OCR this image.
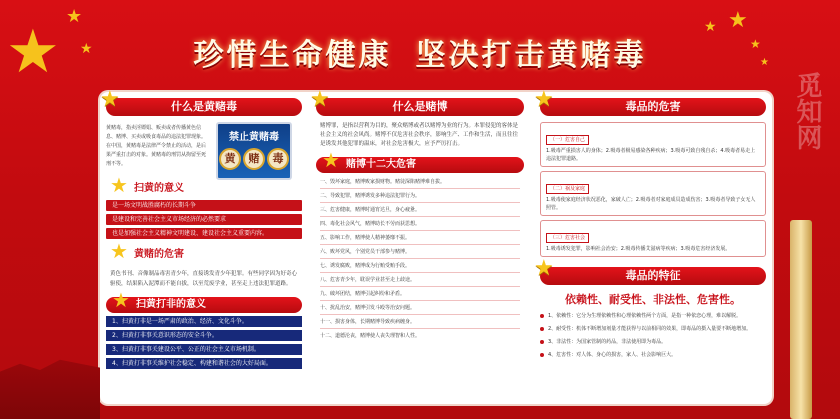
★
★
★
★ ★
★
★
觅知网
珍惜生命健康 坚决打击黄赌毒
★	什么是黄赌毒
黄赌毒，指卖淫嫖娼、贩卖或者传播黄色信息、赌博、买卖或吸食毒品的违法犯罪现象。在中国，黄赌毒是法律严令禁止的活动，是后果严重打击的对象。黄赌毒的刑罚从拘留至死刑不等。
禁止黄赌毒
黄	赌	毒
★ 扫黄的意义
是一场文明战胜腐朽的长期斗争
是建设和完善社会主义市场经济的必然要求
也是加强社会主义精神文明建设、建设社会主义重要内容。
★ 黄赌的危害
黄色书刊、音像制品毒害青少年，直接诱发青少年犯罪。有些同学因为好奇心驱使，结果陷入泥潭而不能自拔，以至荒废学业，甚至走上违法犯罪道路。
★ 扫黄打非的意义
1、扫黄打非是一场严肃的政治、经济、文化斗争。
2、扫黄打非事关意识形态的安全斗争。
3、扫黄打非事关建设公平、公正的社会主义市场机制。
4、扫黄打非事关维护社会稳定、构建和谐社会的大好局面。
★	什么是赌博
赌博罪，是指以营利为目的，聚众赌博或者以赌博为业的行为。本罪侵犯的客体是社会主义的社会风尚。赌博不仅危害社会秩序，影响生产、工作和生活，而且往往是诱发其他犯罪的温床，对社会危害极大，应予严厉打击。
★ 赌博十二大危害
一、毁坏家庭，赌博败家损财物。赌徒深陷赌博难自拔。
二、导致犯罪，赌博诱发多种违法犯罪行为。
三、危害健康，赌博时通宵达旦，身心疲惫。
四、毒化社会风气，赌博助长不劳而获思想。
五、影响工作，赌博使人精神萎靡不振。
六、败坏党风，个别党员干部参与赌博。
七、诱发腐败，赌博成为行贿受贿手段。
八、危害青少年，耽误学业甚至走上歧途。
九、破坏团结，赌博引起纠纷和矛盾。
十、扰乱治安，赌博引发斗殴等治安问题。
十一、损害身体，长期赌博导致疾病缠身。
十二、道德沦丧，赌博使人丧失理智和人性。
★	毒品的危害
（一）危害自己
1.吸毒严重损害人的身体；2.吸毒者极易感染各种疾病；3.吸毒可致自残自杀；4.吸毒者易走上违法犯罪道路。
（二）祸及家庭
1.吸毒使家庭经济状况恶化，家破人亡；2.吸毒者对家庭成员造成伤害；3.吸毒者导致子女无人照管。
（三）危害社会
1.吸毒诱发犯罪，影响社会治安；2.吸毒传播艾滋病等疾病；3.吸毒危害经济发展。
★	毒品的特征
依赖性、耐受性、非法性、危害性。
1、依赖性：它分为生理依赖性和心理依赖性两个方面，是指一种依恋心理，难以解脱。
2、耐受性：机体不断增加剂量才能获得与以前相同的效果，即毒品的摄入量要不断地增加。
3、非法性：为国家管制的药品，非法使用即为毒品。
4、危害性：对人体、身心的损害，家人、社会影响巨大。
